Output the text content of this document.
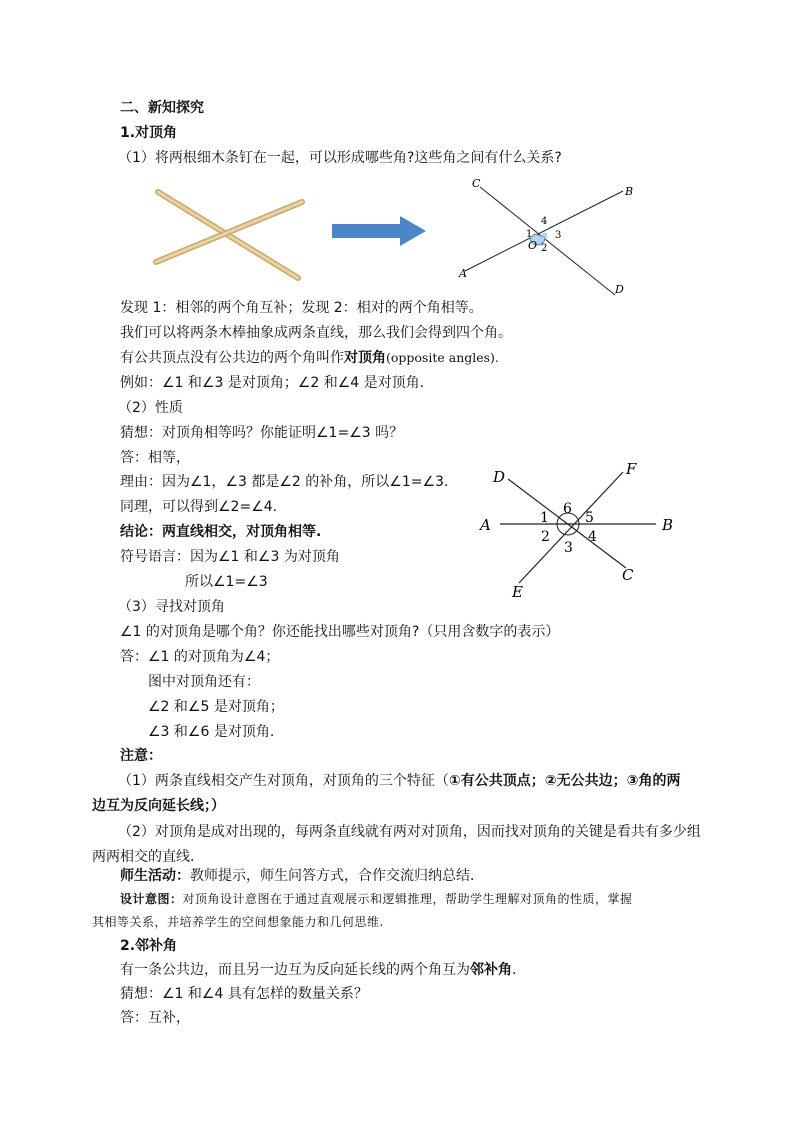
二、新知探究
1.对顶角
（1）将两根细木条钉在一起，可以形成哪些角?这些角之间有什么关系?
C
B
A
D
O
1
2
3
4
发现 1：相邻的两个角互补；发现 2：相对的两个角相等。
我们可以将两条木棒抽象成两条直线，那么我们会得到四个角。
有公共顶点没有公共边的两个角叫作对顶角(opposite angles).
例如：∠1 和∠3 是对顶角；∠2 和∠4 是对顶角.
（2）性质
猜想：对顶角相等吗？你能证明∠1=∠3 吗？
答：相等，
理由：因为∠1，∠3 都是∠2 的补角，所以∠1=∠3.
同理，可以得到∠2=∠4.
结论：两直线相交，对顶角相等.
符号语言：因为∠1 和∠3 为对顶角
所以∠1=∠3
D	F
A	B
E
C
6
1	5
2	4
3
（3）寻找对顶角
∠1 的对顶角是哪个角？你还能找出哪些对顶角?（只用含数字的表示）
答：∠1 的对顶角为∠4；
图中对顶角还有：
∠2 和∠5 是对顶角；
∠3 和∠6 是对顶角.
注意：
（1）两条直线相交产生对顶角，对顶角的三个特征（①有公共顶点；②无公共边；③角的两
边互为反向延长线；）
（2）对顶角是成对出现的，每两条直线就有两对对顶角，因而找对顶角的关键是看共有多少组
两两相交的直线.
师生活动：教师提示，师生问答方式，合作交流归纳总结．
设计意图：对顶角设计意图在于通过直观展示和逻辑推理，帮助学生理解对顶角的性质，掌握
其相等关系，并培养学生的空间想象能力和几何思维.
2.邻补角
有一条公共边，而且另一边互为反向延长线的两个角互为邻补角.
猜想：∠1 和∠4 具有怎样的数量关系？
答：互补，
